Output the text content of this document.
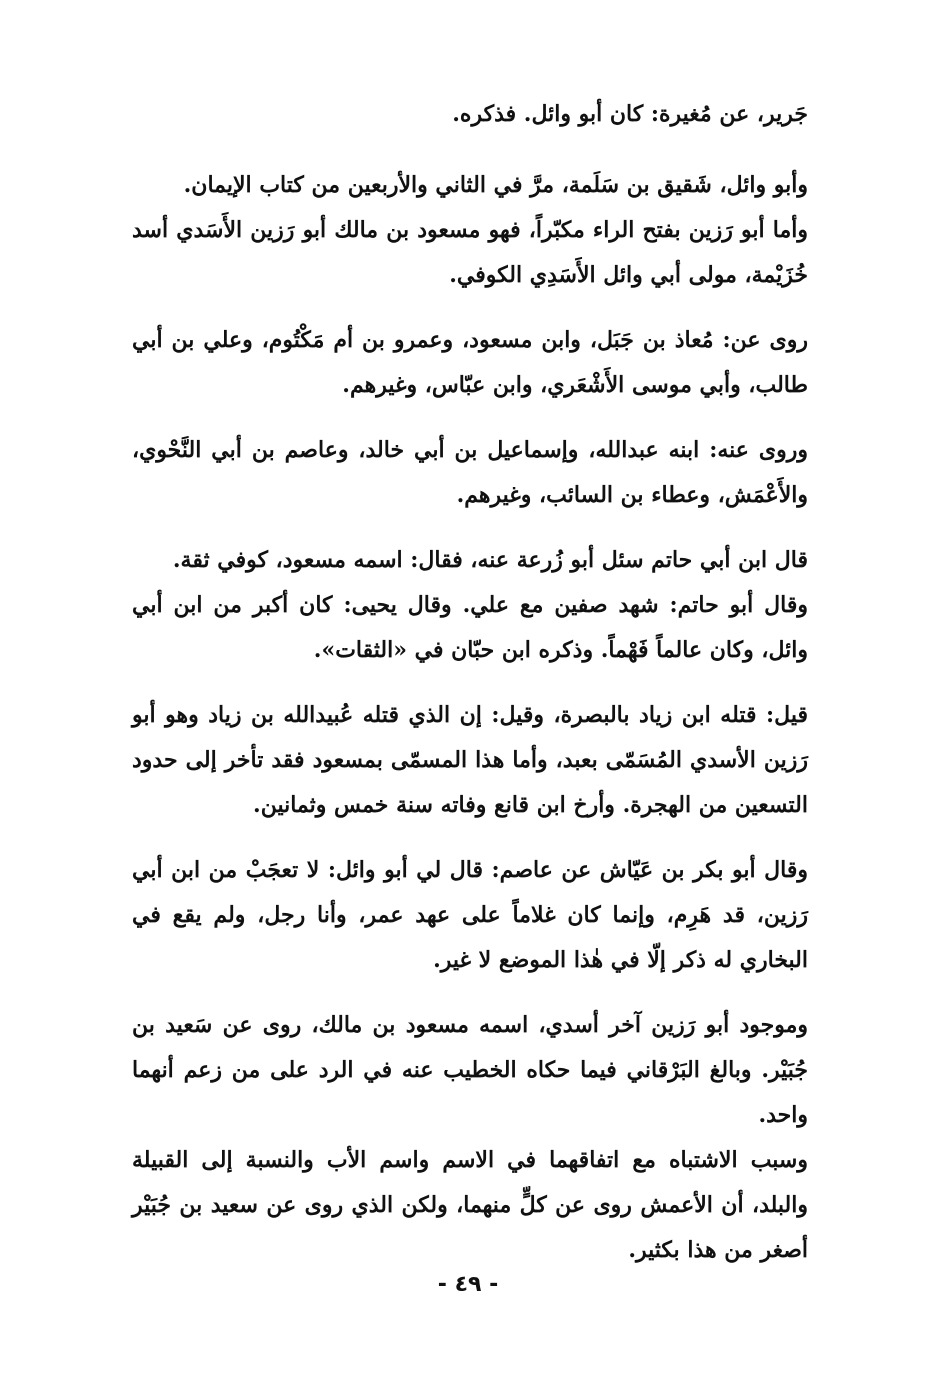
جَرير، عن مُغيرة: كان أبو وائل. فذكره.

وأبو وائل، شَقيق بن سَلَمة، مرَّ في الثاني والأربعين من كتاب الإيمان.

وأما أبو رَزين بفتح الراء مكبّراً، فهو مسعود بن مالك أبو رَزين الأَسَدي أسد خُزَيْمة، مولى أبي وائل الأَسَدِي الكوفي.

روى عن: مُعاذ بن جَبَل، وابن مسعود، وعمرو بن أم مَكْتُوم، وعلي بن أبي طالب، وأبي موسى الأَشْعَري، وابن عبّاس، وغيرهم.

وروى عنه: ابنه عبدالله، وإسماعيل بن أبي خالد، وعاصم بن أبي النَّحْوي، والأَعْمَش، وعطاء بن السائب، وغيرهم.

قال ابن أبي حاتم سئل أبو زُرعة عنه، فقال: اسمه مسعود، كوفي ثقة.

وقال أبو حاتم: شهد صفين مع علي. وقال يحيى: كان أكبر من ابن أبي وائل، وكان عالماً فَهْماً. وذكره ابن حبّان في «الثقات».

قيل: قتله ابن زياد بالبصرة، وقيل: إن الذي قتله عُبيدالله بن زياد وهو أبو رَزين الأسدي المُسَمّى بعبد، وأما هذا المسمّى بمسعود فقد تأخر إلى حدود التسعين من الهجرة. وأرخ ابن قانع وفاته سنة خمس وثمانين.

وقال أبو بكر بن عَيّاش عن عاصم: قال لي أبو وائل: لا تعجَبْ من ابن أبي رَزين، قد هَرِم، وإنما كان غلاماً على عهد عمر، وأنا رجل، ولم يقع في البخاري له ذكر إلّا في هٰذا الموضع لا غير.

وموجود أبو رَزين آخر أسدي، اسمه مسعود بن مالك، روى عن سَعيد بن جُبَيْر. وبالغ البَرْقاني فيما حكاه الخطيب عنه في الرد على من زعم أنهما واحد.

وسبب الاشتباه مع اتفاقهما في الاسم واسم الأب والنسبة إلى القبيلة والبلد، أن الأعمش روى عن كلٍّ منهما، ولكن الذي روى عن سعيد بن جُبَيْر أصغر من هذا بكثير.

- ٤٩ -
